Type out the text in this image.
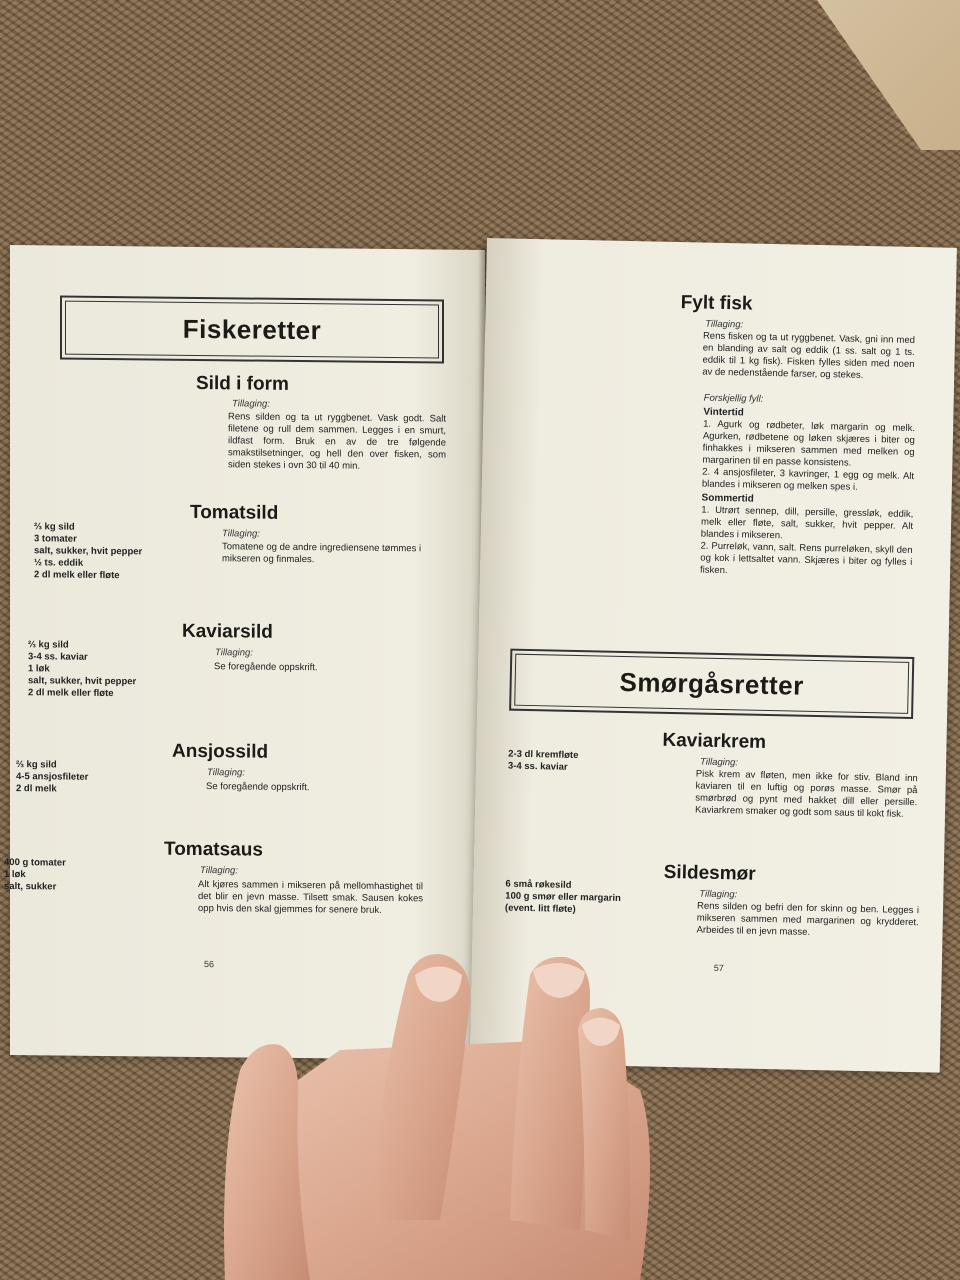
Fiskeretter
Sild i form
Tillaging:
Rens silden og ta ut ryggbenet. Vask godt. Salt filetene og rull dem sammen. Legges i en smurt, ildfast form. Bruk en av de tre følgende smakstilsetninger, og hell den over fisken, som siden stekes i ovn 30 til 40 min.
Tomatsild
Tillaging:
Tomatene og de andre ingrediensene tømmes i mikseren og finmales.
⅔ kg sild
3 tomater
salt, sukker, hvit pepper
½ ts. eddik
2 dl melk eller fløte
Kaviarsild
Tillaging:
Se foregående oppskrift.
⅔ kg sild
3-4 ss. kaviar
1 løk
salt, sukker, hvit pepper
2 dl melk eller fløte
Ansjossild
Tillaging:
Se foregående oppskrift.
⅔ kg sild
4-5 ansjosfileter
2 dl melk
Tomatsaus
Tillaging:
Alt kjøres sammen i mikseren på mellomhastighet til det blir en jevn masse. Tilsett smak. Sausen kokes opp hvis den skal gjemmes for senere bruk.
400 g tomater
1 løk
salt, sukker
56
Fylt fisk
Tillaging:
Rens fisken og ta ut ryggbenet. Vask, gni inn med en blanding av salt og eddik (1 ss. salt og 1 ts. eddik til 1 kg fisk). Fisken fylles siden med noen av de nedenstående farser, og stekes.
Forskjellig fyll:
Vintertid
1. Agurk og rødbeter, løk margarin og melk. Agurken, rødbetene og løken skjæres i biter og finhakkes i mikseren sammen med melken og margarinen til en passe konsistens.
2. 4 ansjosfileter, 3 kavringer, 1 egg og melk. Alt blandes i mikseren og melken spes i.
Sommertid
1. Utrørt sennep, dill, persille, gressløk, eddik, melk eller fløte, salt, sukker, hvit pepper. Alt blandes i mikseren.
2. Purreløk, vann, salt. Rens purreløken, skyll den og kok i lettsaltet vann. Skjæres i biter og fylles i fisken.
Smørgåsretter
Kaviarkrem
Tillaging:
Pisk krem av fløten, men ikke for stiv. Bland inn kaviaren til en luftig og porøs masse. Smør på smørbrød og pynt med hakket dill eller persille. Kaviarkrem smaker og godt som saus til kokt fisk.
2-3 dl kremfløte
3-4 ss. kaviar
Sildesmør
Tillaging:
Rens silden og befri den for skinn og ben. Legges i mikseren sammen med margarinen og krydderet. Arbeides til en jevn masse.
6 små røkesild
100 g smør eller margarin
(event. litt fløte)
57
